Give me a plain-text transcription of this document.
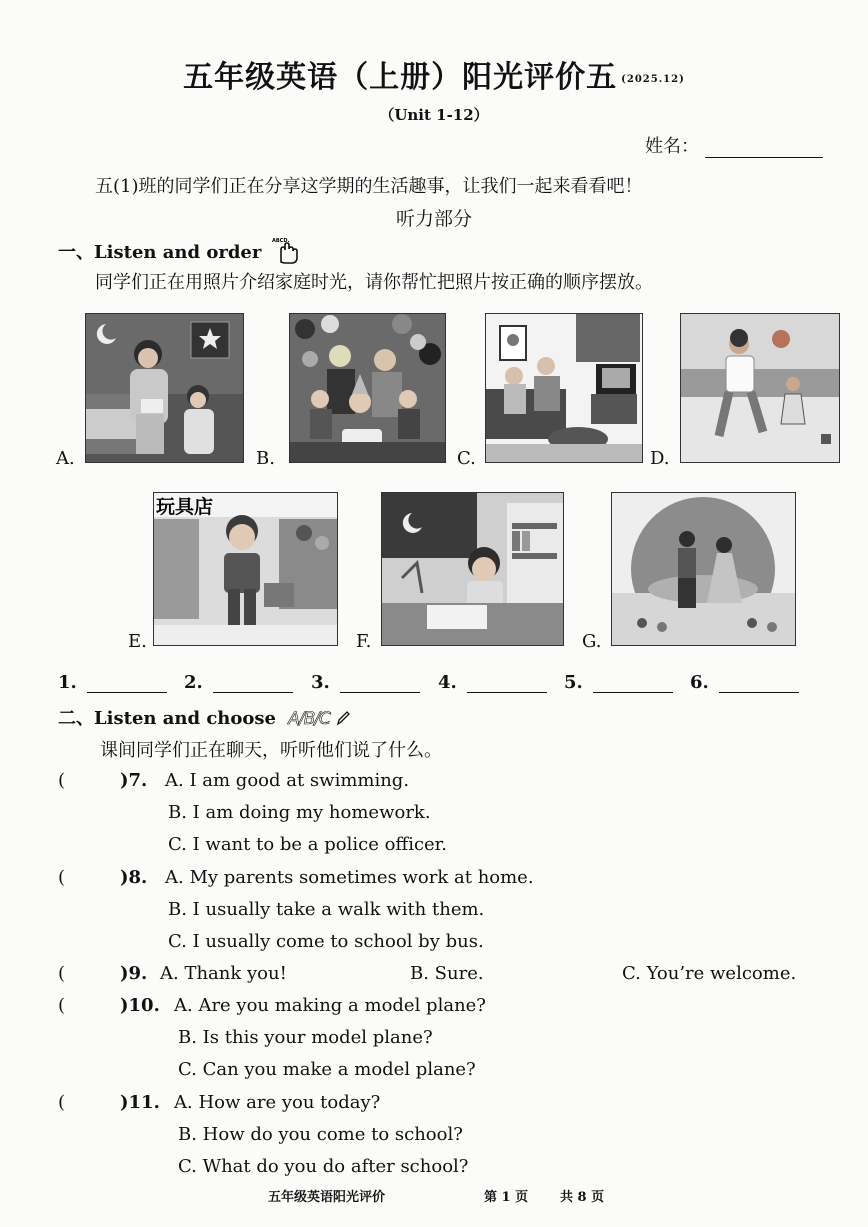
五年级英语（上册）阳光评价五 (2025.12)
（Unit 1-12）
姓名：
五(1)班的同学们正在分享这学期的生活趣事，让我们一起来看看吧！
听力部分
一、Listen and order
ABCD.
同学们正在用照片介绍家庭时光，请你帮忙把照片按正确的顺序摆放。
A.	B.	C.	D.
玩具店
E.	F.	G.
1.	2.	3.	4.	5.	6.
二、Listen and choose A/B/C
课间同学们正在聊天，听听他们说了什么。
(	)7. A. I am good at swimming.
B. I am doing my homework.
C. I want to be a police officer.
(	)8. A. My parents sometimes work at home.
B. I usually take a walk with them.
C. I usually come to school by bus.
(	)9. A. Thank you!	B. Sure.	C. You’re welcome.
(	)10. A. Are you making a model plane?
B. Is this your model plane?
C. Can you make a model plane?
(	)11. A. How are you today?
B. How do you come to school?
C. What do you do after school?
五年级英语阳光评价	第 1 页 共 8 页
